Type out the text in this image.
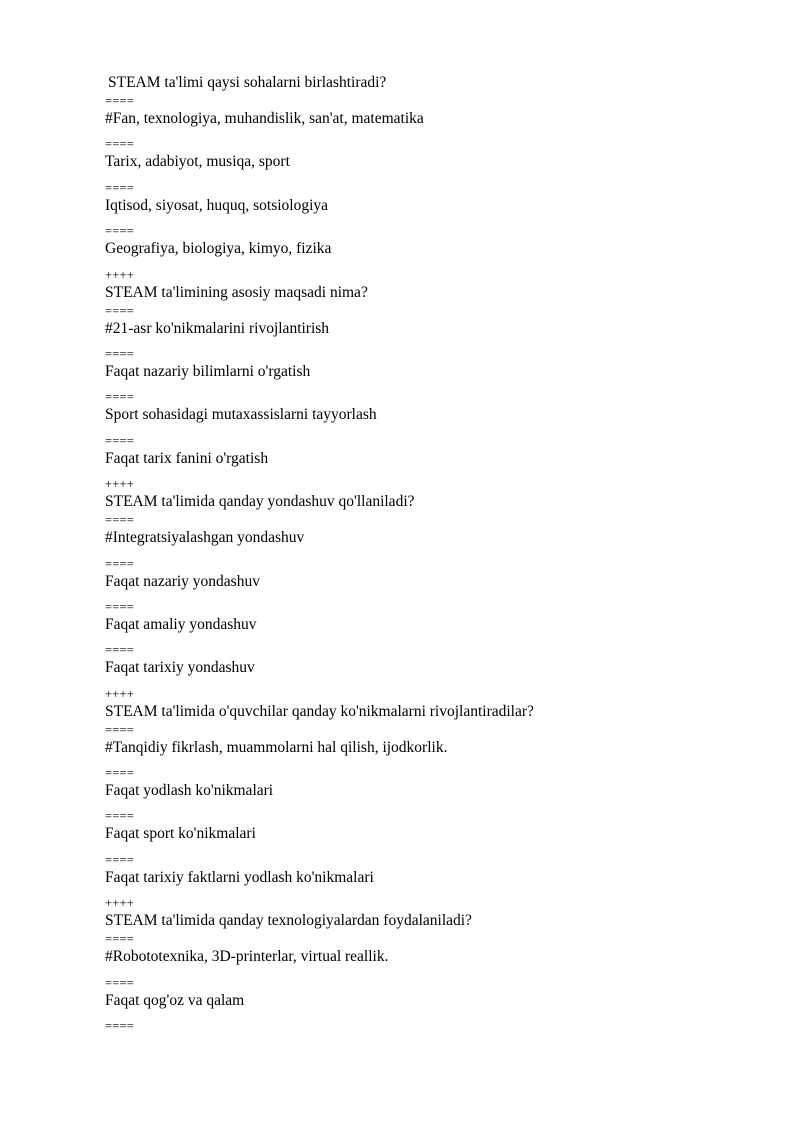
STEAM ta'limi qaysi sohalarni birlashtiradi?
====
#Fan, texnologiya, muhandislik, san'at, matematika
====
Tarix, adabiyot, musiqa, sport
====
Iqtisod, siyosat, huquq, sotsiologiya
====
Geografiya, biologiya, kimyo, fizika
++++
STEAM ta'limining asosiy maqsadi nima?
====
#21-asr ko'nikmalarini rivojlantirish
====
Faqat nazariy bilimlarni o'rgatish
====
Sport sohasidagi mutaxassislarni tayyorlash
====
Faqat tarix fanini o'rgatish
++++
STEAM ta'limida qanday yondashuv qo'llaniladi?
====
#Integratsiyalashgan yondashuv
====
Faqat nazariy yondashuv
====
Faqat amaliy yondashuv
====
Faqat tarixiy yondashuv
++++
STEAM ta'limida o'quvchilar qanday ko'nikmalarni rivojlantiradilar?
====
#Tanqidiy fikrlash, muammolarni hal qilish, ijodkorlik.
====
Faqat yodlash ko'nikmalari
====
Faqat sport ko'nikmalari
====
Faqat tarixiy faktlarni yodlash ko'nikmalari
++++
STEAM ta'limida qanday texnologiyalardan foydalaniladi?
====
#Robototexnika, 3D-printerlar, virtual reallik.
====
Faqat qog'oz va qalam
====
